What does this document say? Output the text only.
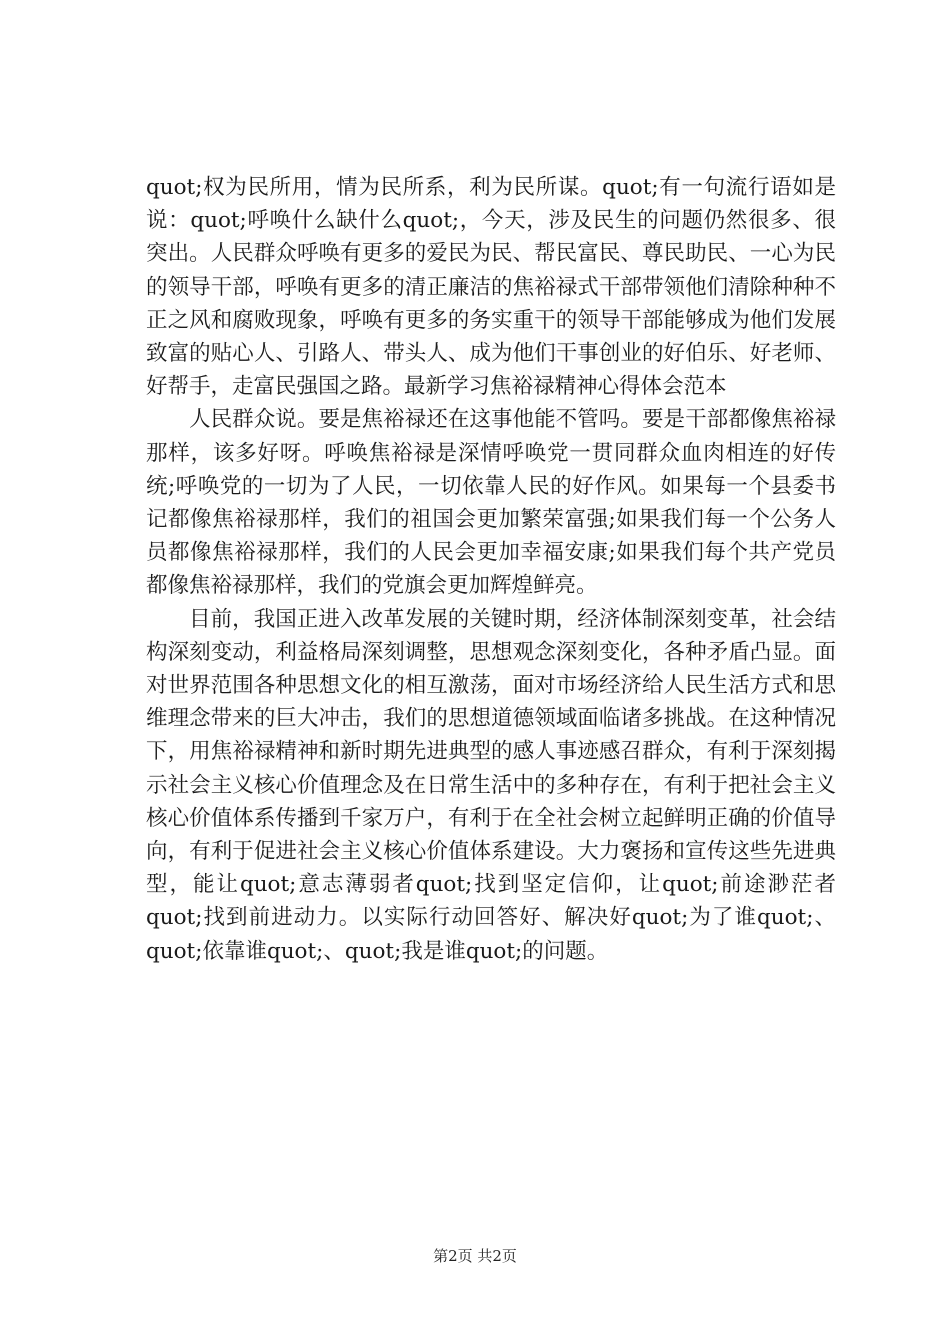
quot;权为民所用，情为民所系，利为民所谋。quot;有一句流行语如是说：quot;呼唤什么缺什么quot;，今天，涉及民生的问题仍然很多、很突出。人民群众呼唤有更多的爱民为民、帮民富民、尊民助民、一心为民的领导干部，呼唤有更多的清正廉洁的焦裕禄式干部带领他们清除种种不正之风和腐败现象，呼唤有更多的务实重干的领导干部能够成为他们发展致富的贴心人、引路人、带头人、成为他们干事创业的好伯乐、好老师、好帮手，走富民强国之路。最新学习焦裕禄精神心得体会范本

人民群众说。要是焦裕禄还在这事他能不管吗。要是干部都像焦裕禄那样，该多好呀。呼唤焦裕禄是深情呼唤党一贯同群众血肉相连的好传统;呼唤党的一切为了人民，一切依靠人民的好作风。如果每一个县委书记都像焦裕禄那样，我们的祖国会更加繁荣富强;如果我们每一个公务人员都像焦裕禄那样，我们的人民会更加幸福安康;如果我们每个共产党员都像焦裕禄那样，我们的党旗会更加辉煌鲜亮。

目前，我国正进入改革发展的关键时期，经济体制深刻变革，社会结构深刻变动，利益格局深刻调整，思想观念深刻变化，各种矛盾凸显。面对世界范围各种思想文化的相互激荡，面对市场经济给人民生活方式和思维理念带来的巨大冲击，我们的思想道德领域面临诸多挑战。在这种情况下，用焦裕禄精神和新时期先进典型的感人事迹感召群众，有利于深刻揭示社会主义核心价值理念及在日常生活中的多种存在，有利于把社会主义核心价值体系传播到千家万户，有利于在全社会树立起鲜明正确的价值导向，有利于促进社会主义核心价值体系建设。大力褒扬和宣传这些先进典型，能让quot;意志薄弱者quot;找到坚定信仰，让quot;前途渺茫者quot;找到前进动力。以实际行动回答好、解决好quot;为了谁quot;、quot;依靠谁quot;、quot;我是谁quot;的问题。

第2页 共2页
